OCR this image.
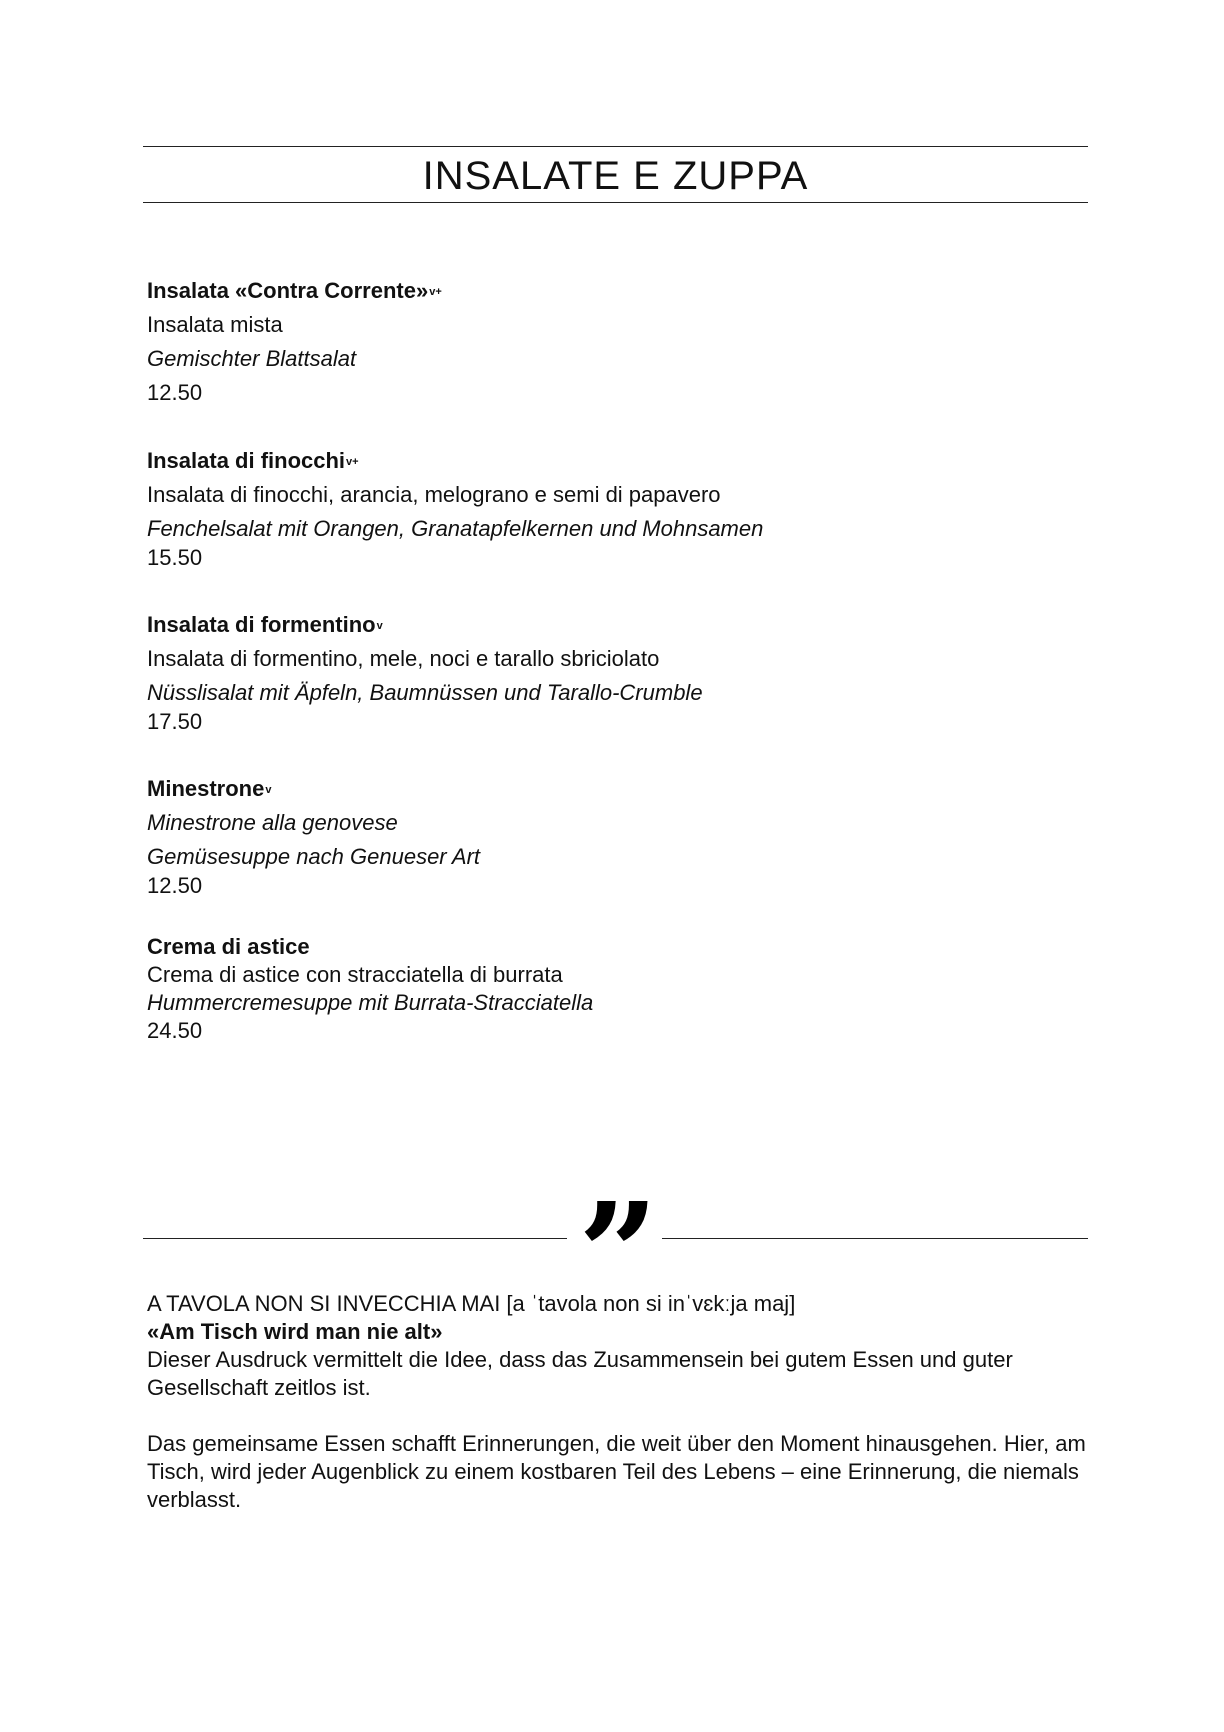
INSALATE E ZUPPA
Insalata «Contra Corrente»$^{v+}$
Insalata mista
Gemischter Blattsalat
12.50
Insalata di finocchi$^{v+}$
Insalata di finocchi, arancia, melograno e semi di papavero
Fenchelsalat mit Orangen, Granatapfelkernen und Mohnsamen
15.50
Insalata di formentino$^v$
Insalata di formentino, mele, noci e tarallo sbriciolato
Nüsslisalat mit Äpfeln, Baumnüssen und Tarallo-Crumble
17.50
Minestrone$^v$
Minestrone alla genovese
Gemüsesuppe nach Genueser Art
12.50
Crema di astice
Crema di astice con stracciatella di burrata
Hummercremesuppe mit Burrata-Stracciatella
24.50
”

A TAVOLA NON SI INVECCHIA MAI [a ˈtavola non si inˈvɛkːja maj]

«Am Tisch wird man nie alt»

Dieser Ausdruck vermittelt die Idee, dass das Zusammensein bei gutem Essen und guter Gesellschaft zeitlos ist.

Das gemeinsame Essen schafft Erinnerungen, die weit über den Moment hinausgehen. Hier, am Tisch, wird jeder Augenblick zu einem kostbaren Teil des Lebens – eine Erinnerung, die niemals verblasst.
